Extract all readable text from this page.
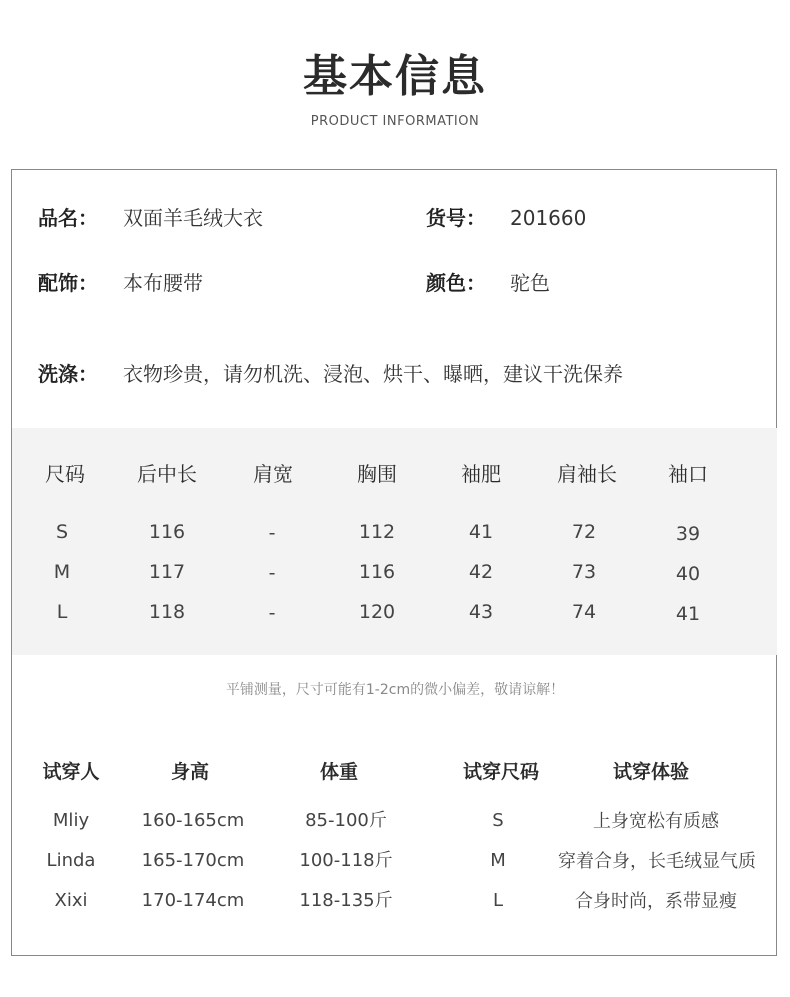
基本信息
PRODUCT INFORMATION
品名： 双面羊毛绒大衣	货号： 201660
配饰： 本布腰带	颜色： 驼色
洗涤： 衣物珍贵，请勿机洗、浸泡、烘干、曝晒，建议干洗保养
尺码	后中长	肩宽	胸围	袖肥	肩袖长	袖口
S	116	-	112	41	72	39
M	117	-	116	42	73	40
L	118	-	120	43	74	41
平铺测量，尺寸可能有1-2cm的微小偏差，敬请谅解！
试穿人	身高	体重	试穿尺码	试穿体验
Mliy	160-165cm	85-100斤	S	上身宽松有质感
Linda	165-170cm	100-118斤	M	穿着合身，长毛绒显气质
Xixi	170-174cm	118-135斤	L	合身时尚，系带显瘦
